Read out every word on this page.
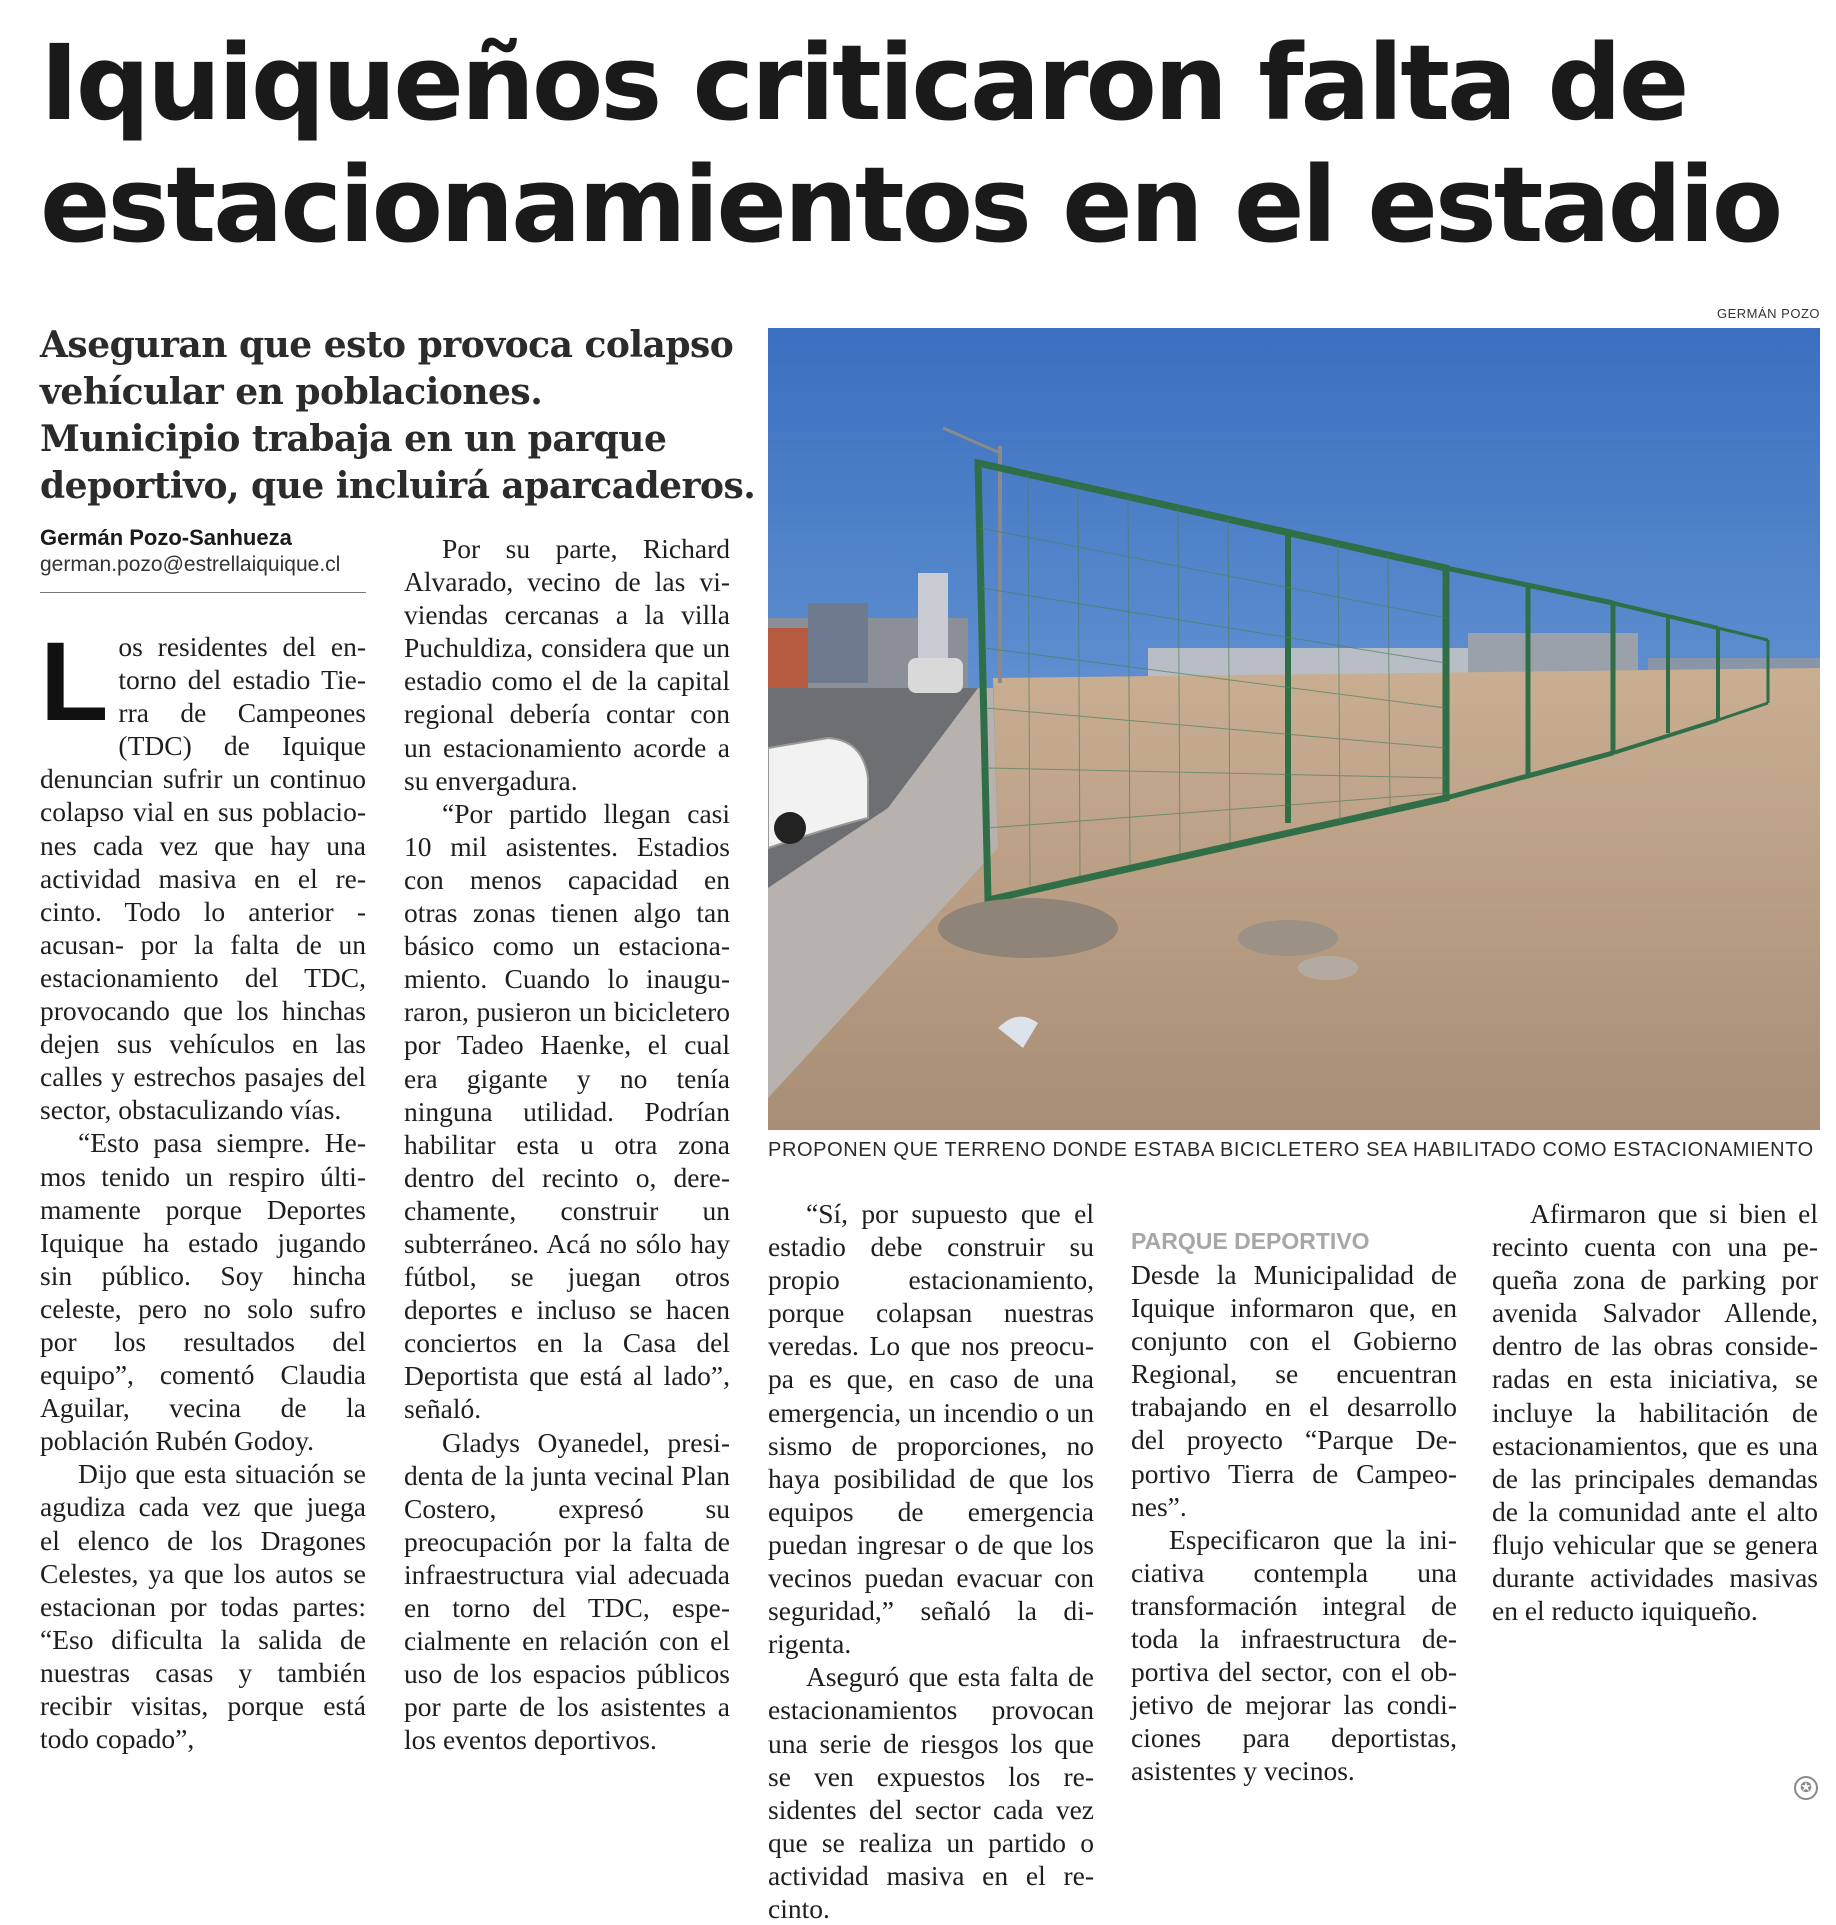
Iquiqueños criticaron falta de
estacionamientos en el estadio
Aseguran que esto provoca colapso
vehícular en poblaciones.
Municipio trabaja en un parque
deportivo, que incluirá aparcaderos.
Germán Pozo-Sanhueza
german.pozo@estrellaiquique.cl

Los residentes del entorno del estadio Tierra de Campeones (TDC) de Iquique denuncian sufrir un continuo colapso vial en sus poblaciones cada vez que hay una actividad masiva en el recinto. Todo lo anterior -acusan- por la falta de un estacionamiento del TDC, provocando que los hinchas dejen sus vehículos en las calles y estrechos pasajes del sector, obstaculizando vías.

“Esto pasa siempre. Hemos tenido un respiro últimamente porque Deportes Iquique ha estado jugando sin público. Soy hincha celeste, pero no solo sufro por los resultados del equipo”, comentó Claudia Aguilar, vecina de la población Rubén Godoy.

Dijo que esta situación se agudiza cada vez que juega el elenco de los Dragones Celestes, ya que los autos se estacionan por todas partes: “Eso dificulta la salida de nuestras casas y también recibir visitas, porque está todo copado”,

Por su parte, Richard Alvarado, vecino de las viviendas cercanas a la villa Puchuldiza, considera que un estadio como el de la capital regional debería contar con un estacionamiento acorde a su envergadura.

“Por partido llegan casi 10 mil asistentes. Estadios con menos capacidad en otras zonas tienen algo tan básico como un estacionamiento. Cuando lo inauguraron, pusieron un bicicletero por Tadeo Haenke, el cual era gigante y no tenía ninguna utilidad. Podrían habilitar esta u otra zona dentro del recinto o, derechamente, construir un subterráneo. Acá no sólo hay fútbol, se juegan otros deportes e incluso se hacen conciertos en la Casa del Deportista que está al lado”, señaló.

Gladys Oyanedel, presidenta de la junta vecinal Plan Costero, expresó su preocupación por la falta de infraestructura vial adecuada en torno del TDC, especialmente en relación con el uso de los espacios públicos por parte de los asistentes a los eventos deportivos.

GERMÁN POZO
PROPONEN QUE TERRENO DONDE ESTABA BICICLETERO SEA HABILITADO COMO ESTACIONAMIENTO

“Sí, por supuesto que el estadio debe construir su propio estacionamiento, porque colapsan nuestras veredas. Lo que nos preocupa es que, en caso de una emergencia, un incendio o un sismo de proporciones, no haya posibilidad de que los equipos de emergencia puedan ingresar o de que los vecinos puedan evacuar con seguridad,” señaló la dirigenta.

Aseguró que esta falta de estacionamientos provocan una serie de riesgos los que se ven expuestos los residentes del sector cada vez que se realiza un partido o actividad masiva en el recinto.

PARQUE DEPORTIVO

Desde la Municipalidad de Iquique informaron que, en conjunto con el Gobierno Regional, se encuentran trabajando en el desarrollo del proyecto “Parque Deportivo Tierra de Campeones”.

Especificaron que la iniciativa contempla una transformación integral de toda la infraestructura deportiva del sector, con el objetivo de mejorar las condiciones para deportistas, asistentes y vecinos.

Afirmaron que si bien el recinto cuenta con una pequeña zona de parking por avenida Salvador Allende, dentro de las obras consideradas en esta iniciativa, se incluye la habilitación de estacionamientos, que es una de las principales demandas de la comunidad ante el alto flujo vehicular que se genera durante actividades masivas en el reducto iquiqueño.

✪
